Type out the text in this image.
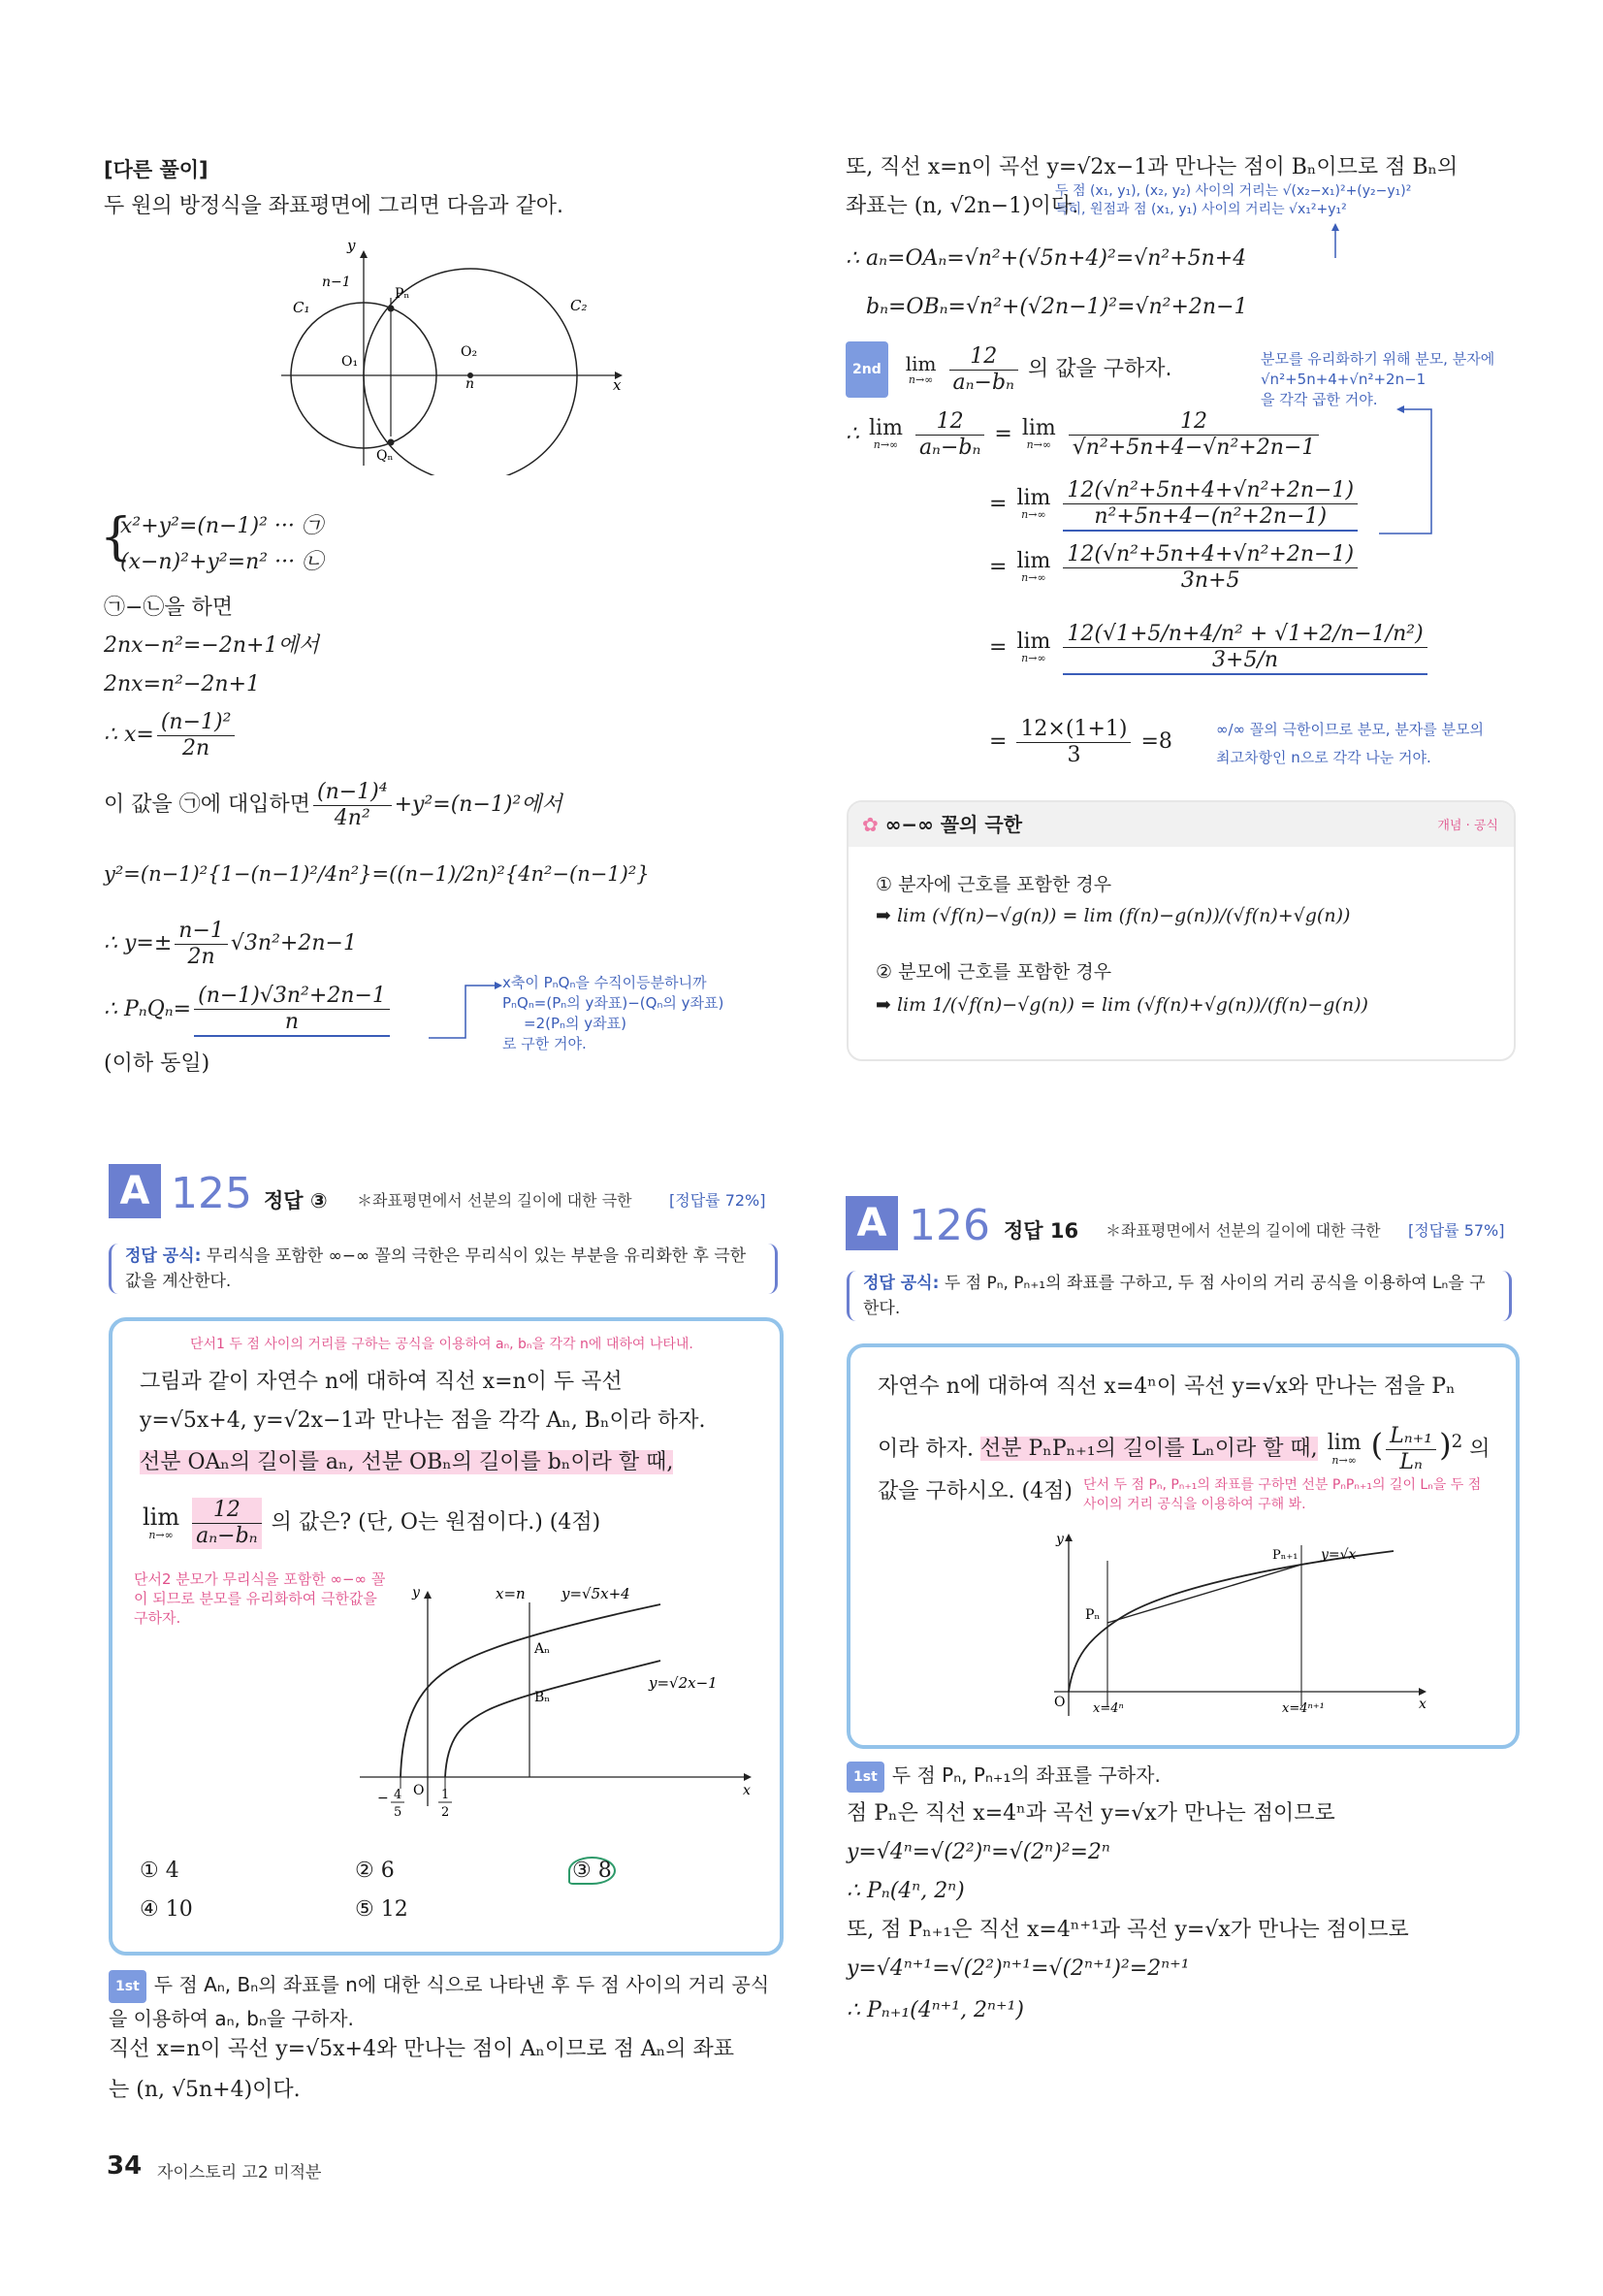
[다른 풀이]
두 원의 방정식을 좌표평면에 그리면 다음과 같아.
y
x
C₁	C₂
O₁
O₂
Pₙ
Qₙ
n−1
n
{
x²+y²=(n−1)² ··· ㉠
(x−n)²+y²=n² ··· ㉡
㉠−㉡을 하면
2nx−n²=−2n+1에서
2nx=n²−2n+1
∴ $x= \frac{\text{(n−1)²}}{2n}$
이 값을 ㉠에 대입하면 $\frac{\text{(n−1)⁴}}{\text{4n²}} +y^2=(n-1)^2$에서
y²=(n−1)²{1−(n−1)²/4n²}=((n−1)/2n)²{4n²−(n−1)²}
∴ $y=\pm \frac{n-1}{2n} √3n^2+2n-1$
∴ $P_nQ_n= \frac{\text{(n−1)√3n²+2n−1}}{n}$
(이하 동일)
x축이 PₙQₙ을 수직이등분하니까
PₙQₙ=(Pₙ의 y좌표)−(Qₙ의 y좌표)
=2(Pₙ의 y좌표)
로 구한 거야.
또, 직선 x=n이 곡선 y=√2x−1과 만나는 점이 Bₙ이므로 점 Bₙ의
좌표는 (n, √2n−1)이다.
두 점 (x₁, y₁), (x₂, y₂) 사이의 거리는 √(x₂−x₁)²+(y₂−y₁)²
특히, 원점과 점 (x₁, y₁) 사이의 거리는 √x₁²+y₁²
∴ aₙ=OAₙ=√n²+(√5n+4)²=√n²+5n+4
bₙ=OBₙ=√n²+(√2n−1)²=√n²+2n−1
2nd lim
n→∞
$\frac{12}{\text{aₙ−bₙ}}$ 의 값을 구하자.	분모를 유리화하기 위해 분모, 분자에
√n²+5n+4+√n²+2n−1
을 각각 곱한 거야.
∴ lim
n→∞
$\frac{12}{\text{aₙ−bₙ}} = \lim$
n→∞
$\frac{12}{\text{√n²+5n+4−√n²+2n−1}}$
= lim
n→∞
$\frac{\text{12(√n²+5n+4+√n²+2n−1)}}{\text{n²+5n+4−(n²+2n−1)}}$
= lim
n→∞
$\frac{\text{12(√n²+5n+4+√n²+2n−1)}}{3n+5}$
= lim
n→∞
$\frac{\text{12(√1+5/n+4/n² + √1+2/n−1/n²)}}{3+5/n}$
= $\frac{12\times(1+1)}{3} =8$	∞/∞ 꼴의 극한이므로 분모, 분자를 분모의
최고차항인 n으로 각각 나눈 거야.
✿ ∞−∞ 꼴의 극한	개념 · 공식
① 분자에 근호를 포함한 경우
➡ lim (√f(n)−√g(n)) = lim (f(n)−g(n))/(√f(n)+√g(n))
② 분모에 근호를 포함한 경우
➡ lim 1/(√f(n)−√g(n)) = lim (√f(n)+√g(n))/(f(n)−g(n))
A 125 정답 ③ ＊좌표평면에서 선분의 길이에 대한 극한 [정답률 72%]
정답 공식: 무리식을 포함한 ∞−∞ 꼴의 극한은 무리식이 있는 부분을 유리화한 후 극한값을 계산한다.
단서1 두 점 사이의 거리를 구하는 공식을 이용하여 aₙ, bₙ을 각각 n에 대하여 나타내.
그림과 같이 자연수 n에 대하여 직선 x=n이 두 곡선
y=√5x+4, y=√2x−1과 만나는 점을 각각 Aₙ, Bₙ이라 하자.
선분 OAₙ의 길이를 aₙ, 선분 OBₙ의 길이를 bₙ이라 할 때,
lim
n→∞
$\frac{12}{\text{aₙ−bₙ}}$ 의 값은? (단, O는 원점이다.) (4점)
단서2 분모가 무리식을 포함한 ∞−∞ 꼴이 되므로 분모를 유리화하여 극한값을 구하자.
y
x
O
x=n y=√5x+4
y=√2x−1
Aₙ
Bₙ
− 4
5
1
2
① 4	② 6	③ 8
④ 10	⑤ 12
1st 두 점 Aₙ, Bₙ의 좌표를 n에 대한 식으로 나타낸 후 두 점 사이의 거리 공식을 이용하여 aₙ, bₙ을 구하자.
직선 x=n이 곡선 y=√5x+4와 만나는 점이 Aₙ이므로 점 Aₙ의 좌표
는 (n, √5n+4)이다.
A 126 정답 16 ＊좌표평면에서 선분의 길이에 대한 극한 [정답률 57%]
정답 공식: 두 점 Pₙ, Pₙ₊₁의 좌표를 구하고, 두 점 사이의 거리 공식을 이용하여 Lₙ을 구한다.
자연수 n에 대하여 직선 x=4ⁿ이 곡선 y=√x와 만나는 점을 Pₙ
이라 하자. 선분 PₙPₙ₊₁의 길이를 Lₙ이라 할 때, lim
n→∞ ( $\frac{\text{Lₙ₊₁}}{\text{Lₙ}} )^2$ 의
값을 구하시오. (4점) 단서 두 점 Pₙ, Pₙ₊₁의 좌표를 구하면 선분 PₙPₙ₊₁의 길이 Lₙ을 두 점 사이의 거리 공식을 이용하여 구해 봐.
y
x
O
Pₙ
Pₙ₊₁ y=√x
x=4ⁿ	x=4ⁿ⁺¹
1st 두 점 Pₙ, Pₙ₊₁의 좌표를 구하자.
점 Pₙ은 직선 x=4ⁿ과 곡선 y=√x가 만나는 점이므로
y=√4ⁿ=√(2²)ⁿ=√(2ⁿ)²=2ⁿ
∴ Pₙ(4ⁿ, 2ⁿ)
또, 점 Pₙ₊₁은 직선 x=4ⁿ⁺¹과 곡선 y=√x가 만나는 점이므로
y=√4ⁿ⁺¹=√(2²)ⁿ⁺¹=√(2ⁿ⁺¹)²=2ⁿ⁺¹
∴ Pₙ₊₁(4ⁿ⁺¹, 2ⁿ⁺¹)
34 자이스토리 고2 미적분
